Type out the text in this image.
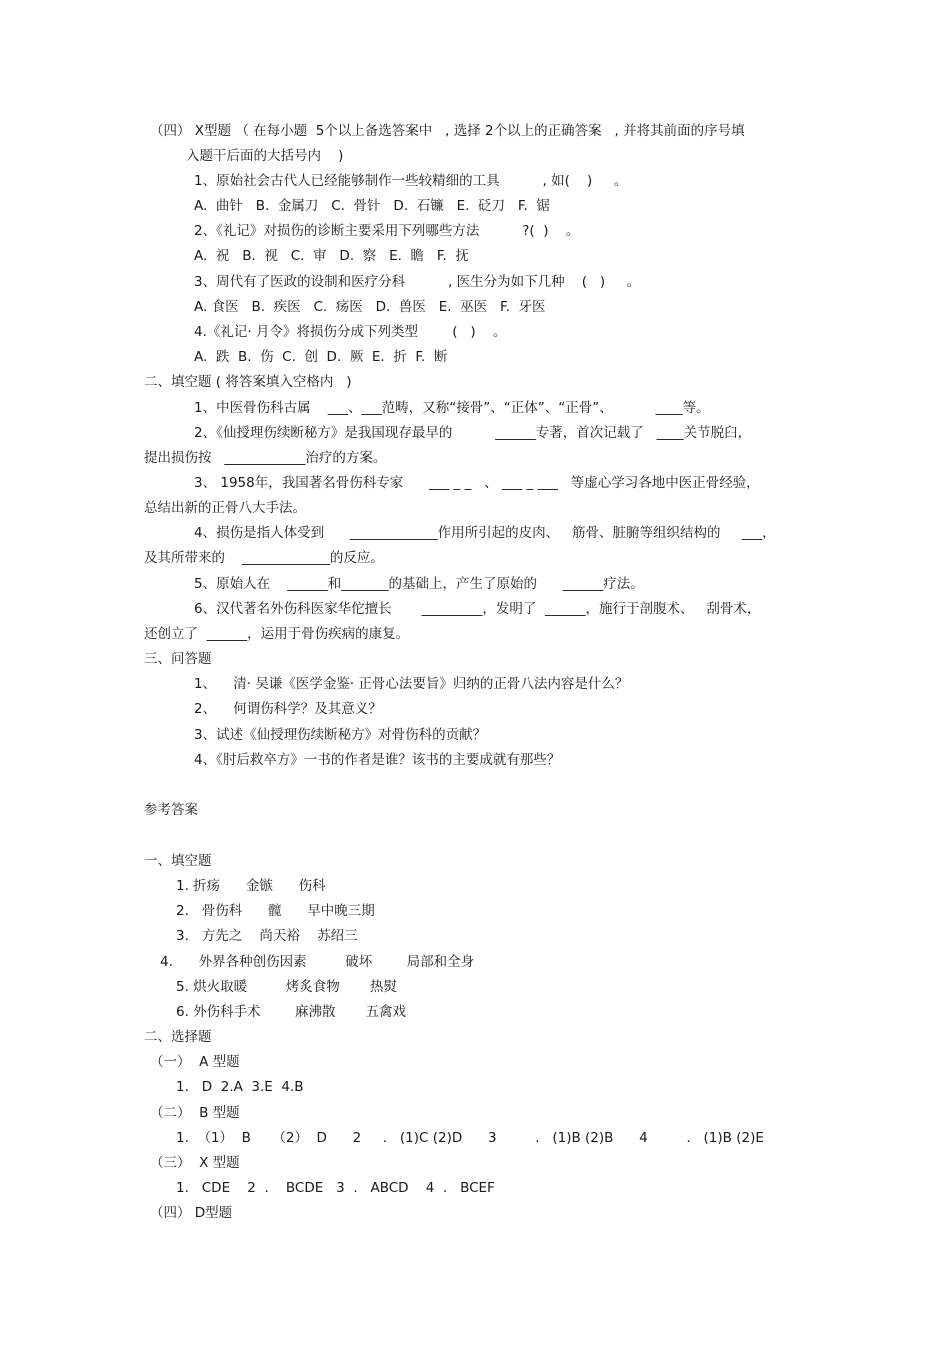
（四） X型题 （ 在每小题  5个以上备选答案中   , 选择 2个以上的正确答案   , 并将其前面的序号填
入题干后面的大括号内    )
1、原始社会古代人已经能够制作一些较精细的工具          , 如(    )     。
A.  曲针   B.  金属刀   C.  骨针   D.  石镰   E.  砭刀   F.  锯
2、《礼记》对损伤的诊断主要采用下列哪些方法          ?(  )    。
A.  祝   B.  视   C.  审   D.  察   E.  瞻   F.  抚
3、周代有了医政的设制和医疗分科          , 医生分为如下几种    (   )     。
A. 食医   B.  疾医   C.  疡医   D.  兽医   E.  巫医   F.  牙医
4.《礼记· 月令》将损伤分成下列类型        (   )    。
A.  跌  B.  伤  C.  创  D.  厥  E.  折  F.  断
二、填空题 ( 将答案填入空格内   )
1、中医骨伤科古属    ___、___范畴，又称“接骨”、“正体”、“正骨”、          ____等。
2、《仙授理伤续断秘方》是我国现存最早的          ______专著，首次记载了   ____关节脱臼，
提出损伤按   ____________治疗的方案。
3、 1958年，我国著名骨伤科专家      ___ _ _   、 ___ _ ___   等虚心学习各地中医正骨经验，
总结出新的正骨八大手法。
4、损伤是指人体受到      _____________作用所引起的皮肉、   筋骨、脏腑等组织结构的     ___，
及其所带来的    _____________的反应。
5、原始人在    ______和_______的基础上，产生了原始的      ______疗法。
6、汉代著名外伤科医家华佗擅长       _________，发明了  ______，施行于剖腹术、   刮骨术，
还创立了  ______，运用于骨伤疾病的康复。
三、问答题
1、    清· 吴谦《医学金鉴· 正骨心法要旨》归纳的正骨八法内容是什么？
2、    何谓伤科学？及其意义？
3、试述《仙授理伤续断秘方》对骨伤科的贡献？
4、《肘后救卒方》一书的作者是谁？该书的主要成就有那些？
参考答案
一、填空题
1. 折疡      金镞      伤科
2.   骨伤科      髋      早中晚三期
3.   方先之    尚天裕    苏绍三
4.      外界各种创伤因素         破坏        局部和全身
5. 烘火取暖         烤炙食物       热熨
6. 外伤科手术        麻沸散       五禽戏
二、选择题
（一）  A 型题
1.   D  2.A  3.E  4.B
（二）  B 型题
1.  （1）  B     （2）  D      2     .   (1)C (2)D      3         .   (1)B (2)B      4         .   (1)B (2)E
（三）  X 型题
1.   CDE    2  .    BCDE   3  .   ABCD    4  .   BCEF
（四） D型题
